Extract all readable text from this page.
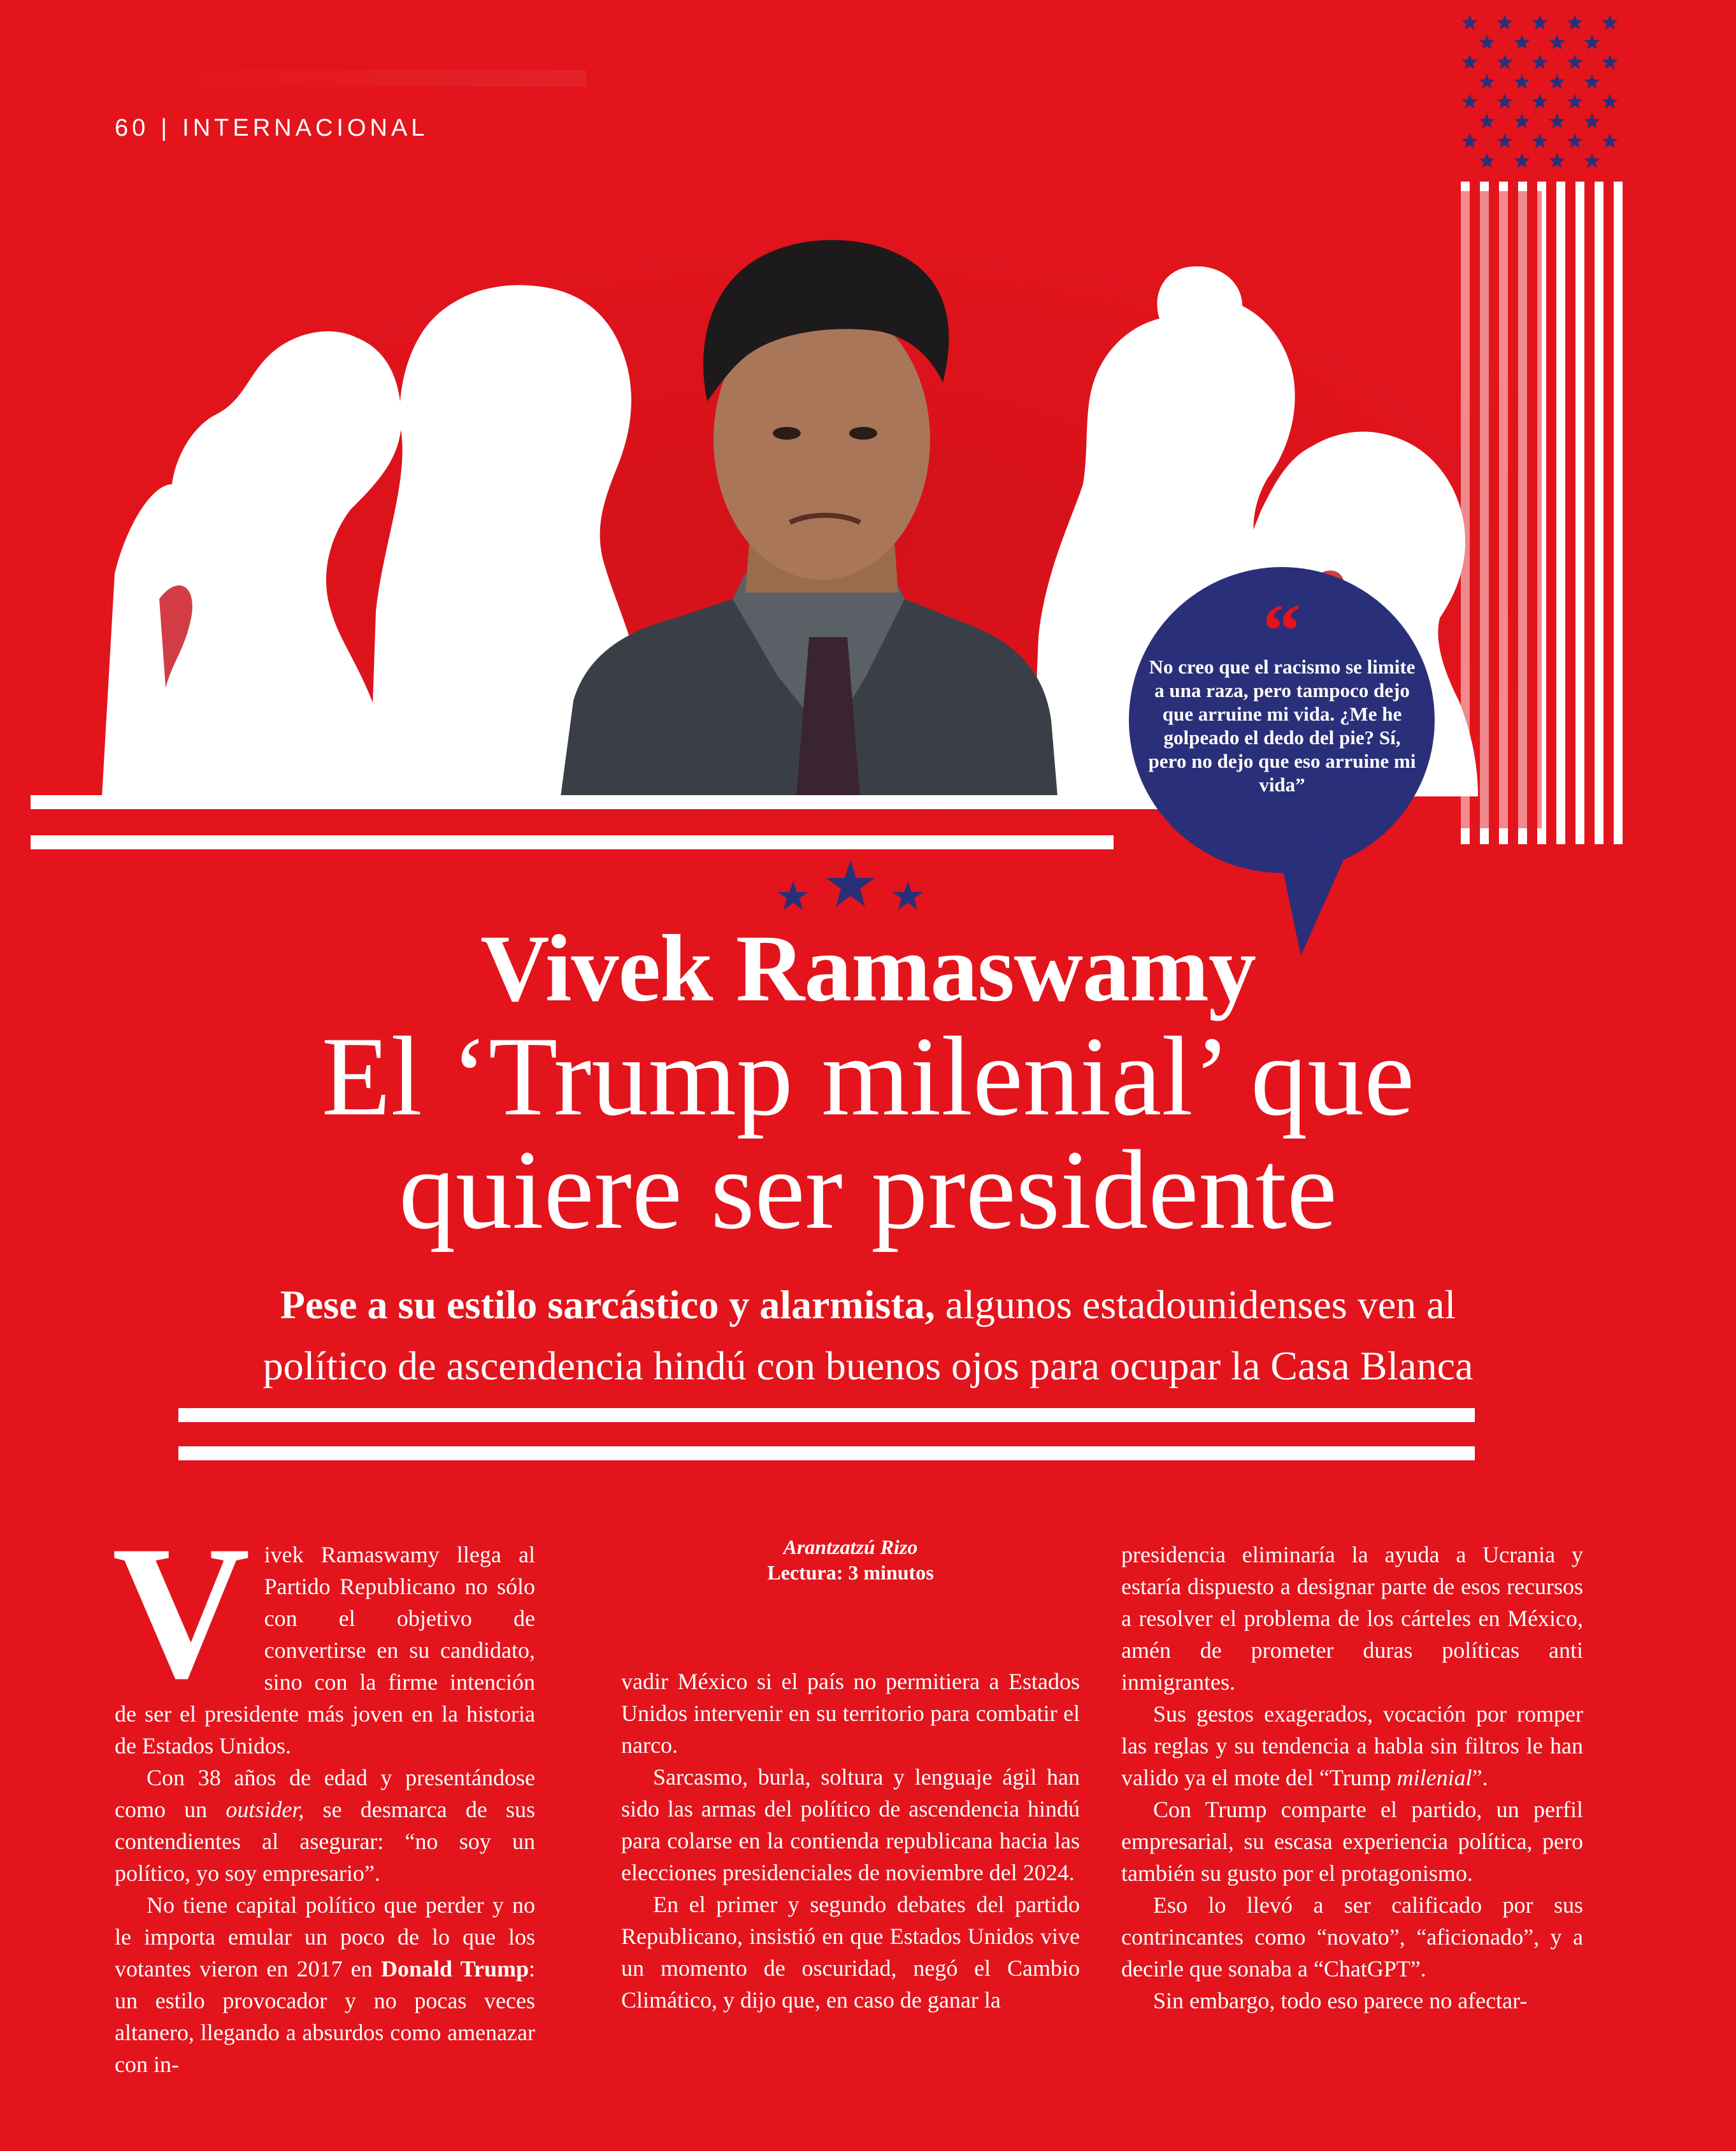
60 | INTERNACIONAL
“
No creo que el racismo se limite a una raza, pero tampoco dejo que arruine mi vida. ¿Me he golpeado el dedo del pie? Sí, pero no dejo que eso arruine mi vida”
Vivek Ramaswamy
El ‘Trump milenial’ que
quiere ser presidente
Pese a su estilo sarcástico y alarmista, algunos estadounidenses ven al
político de ascendencia hindú con buenos ojos para ocupar la Casa Blanca
Arantzatzú Rizo
Lectura: 3 minutos

Vivek Ramaswamy llega al Partido Republicano no sólo con el objetivo de convertirse en su candidato, sino con la firme intención de ser el presidente más joven en la historia de Estados Unidos.

Con 38 años de edad y presentándose como un outsider, se desmarca de sus contendientes al asegurar: “no soy un político, yo soy empresario”.

No tiene capital político que perder y no le importa emular un poco de lo que los votantes vieron en 2017 en Donald Trump: un estilo provocador y no pocas veces altanero, llegando a absurdos como amenazar con in-

vadir México si el país no permitiera a Estados Unidos intervenir en su territorio para combatir el narco.

Sarcasmo, burla, soltura y lenguaje ágil han sido las armas del político de ascendencia hindú para colarse en la contienda republicana hacia las elecciones presidenciales de noviembre del 2024.

En el primer y segundo debates del partido Republicano, insistió en que Estados Unidos vive un momento de oscuridad, negó el Cambio Climático, y dijo que, en caso de ganar la

presidencia eliminaría la ayuda a Ucrania y estaría dispuesto a designar parte de esos recursos a resolver el problema de los cárteles en México, amén de prometer duras políticas anti inmigrantes.

Sus gestos exagerados, vocación por romper las reglas y su tendencia a habla sin filtros le han valido ya el mote del “Trump milenial”.

Con Trump comparte el partido, un perfil empresarial, su escasa experiencia política, pero también su gusto por el protagonismo.

Eso lo llevó a ser calificado por sus contrincantes como “novato”, “aficionado”, y a decirle que sonaba a “ChatGPT”.

Sin embargo, todo eso parece no afectar-
